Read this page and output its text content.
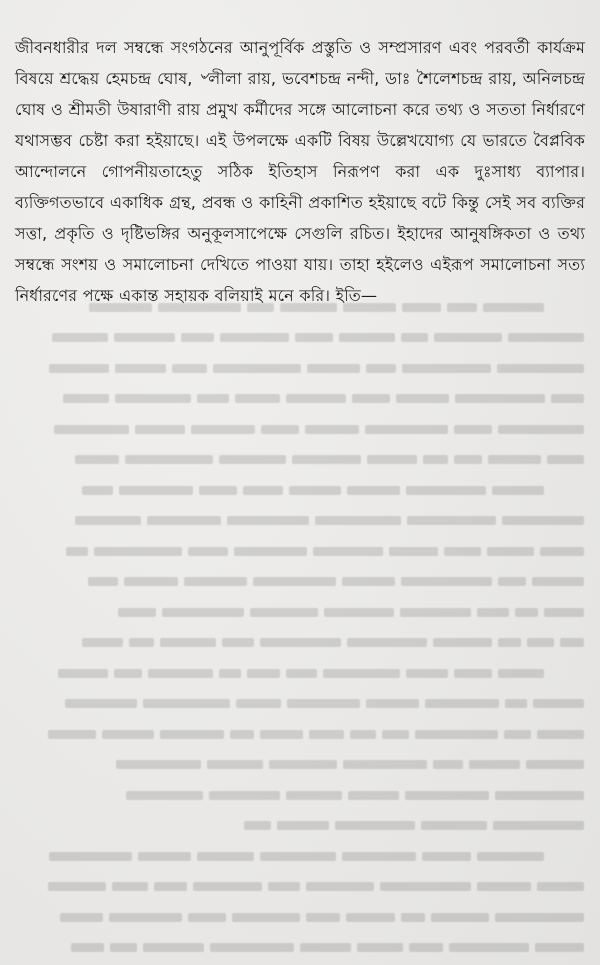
জীবনধারীর দল সম্বন্ধে সংগঠনের আনুপূর্বিক প্রস্তুতি ও সম্প্রসারণ এবং পরবর্তী কার্যক্রম বিষয়ে শ্রদ্ধেয় হেমচন্দ্র ঘোষ, ৺লীলা রায়, ভবেশচন্দ্র নন্দী, ডাঃ শৈলেশচন্দ্র রায়, অনিলচন্দ্র ঘোষ ও শ্রীমতী উষারাণী রায় প্রমুখ কর্মীদের সঙ্গে আলোচনা করে তথ্য ও সততা নির্ধারণে যথাসম্ভব চেষ্টা করা হইয়াছে। এই উপলক্ষে একটি বিষয় উল্লেখযোগ্য যে ভারতে বৈপ্লবিক আন্দোলনে গোপনীয়তাহেতু সঠিক ইতিহাস নিরূপণ করা এক দুঃসাধ্য ব্যাপার। ব্যক্তিগতভাবে একাধিক গ্রন্থ, প্রবন্ধ ও কাহিনী প্রকাশিত হইয়াছে বটে কিন্তু সেই সব ব্যক্তির সত্তা, প্রকৃতি ও দৃষ্টিভঙ্গির অনুকূলসাপেক্ষে সেগুলি রচিত। ইহাদের আনুষঙ্গিকতা ও তথ্য সম্বন্ধে সংশয় ও সমালোচনা দেখিতে পাওয়া যায়। তাহা হইলেও এইরূপ সমালোচনা সত্য নির্ধারণের পক্ষে একান্ত সহায়ক বলিয়াই মনে করি। ইতি—
